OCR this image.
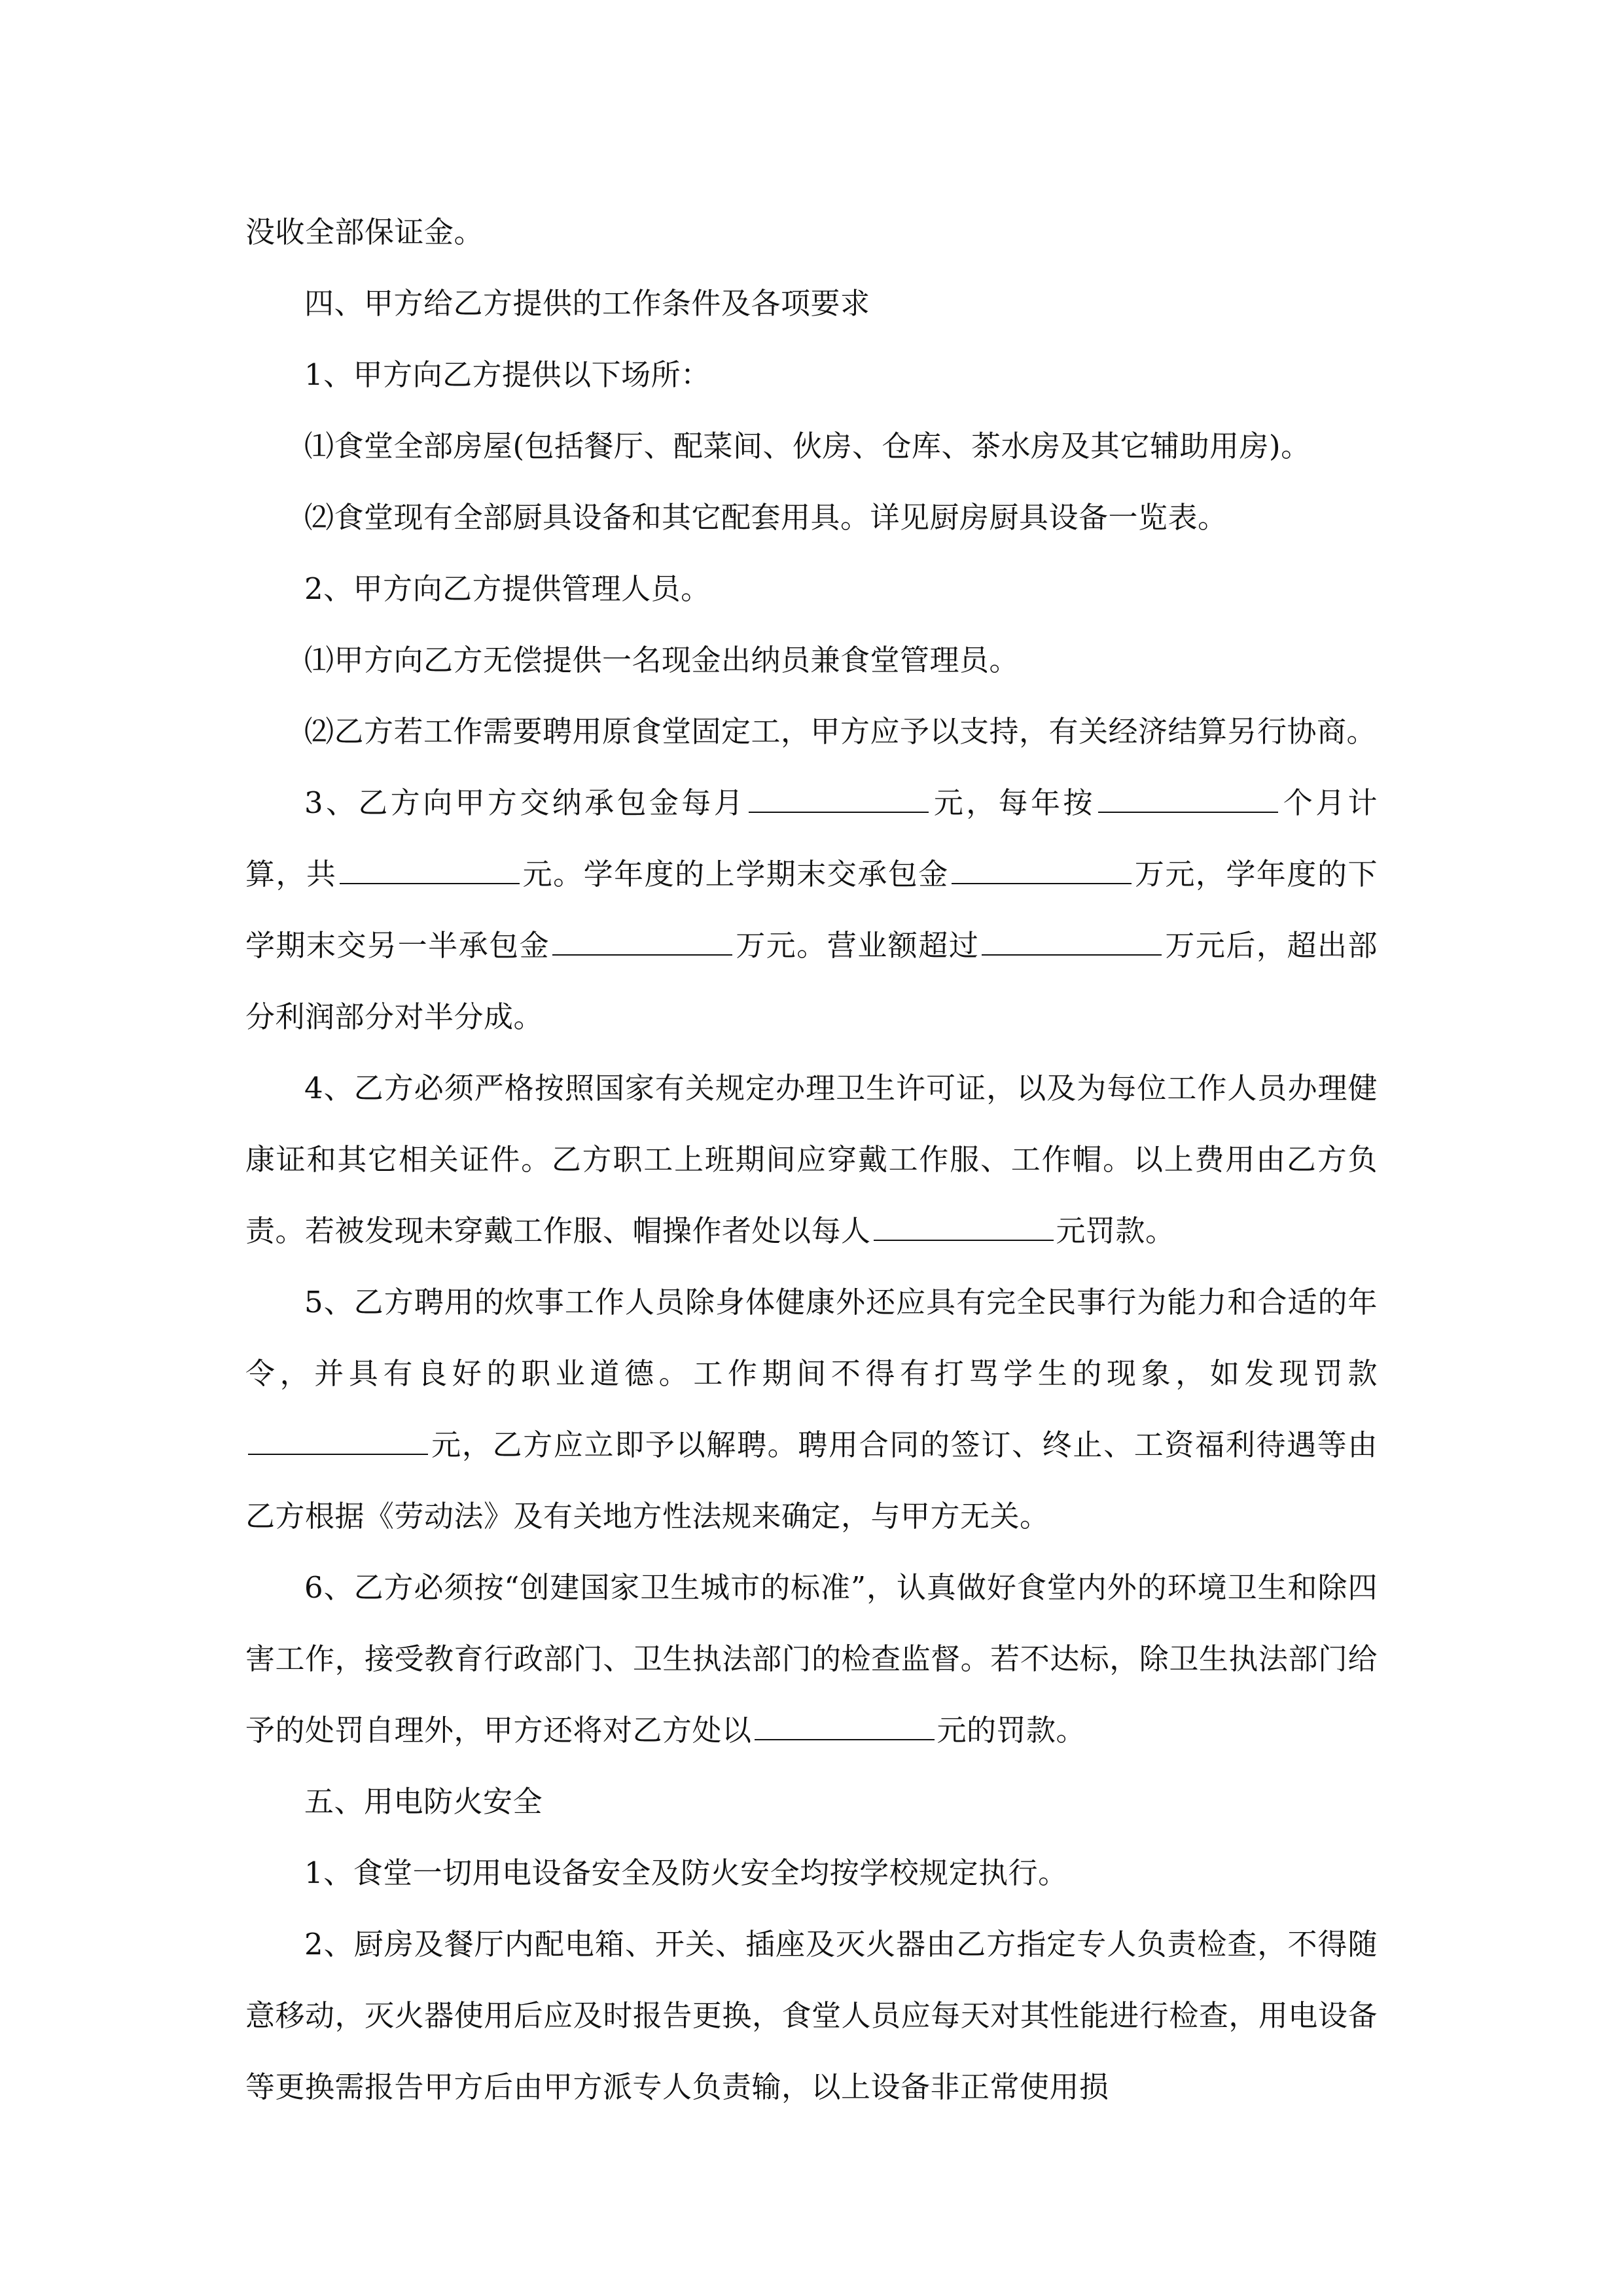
没收全部保证金。

四、甲方给乙方提供的工作条件及各项要求

1、甲方向乙方提供以下场所：

⑴食堂全部房屋(包括餐厅、配菜间、伙房、仓库、茶水房及其它辅助用房)。

⑵食堂现有全部厨具设备和其它配套用具。详见厨房厨具设备一览表。

2、甲方向乙方提供管理人员。

⑴甲方向乙方无偿提供一名现金出纳员兼食堂管理员。

⑵乙方若工作需要聘用原食堂固定工，甲方应予以支持，有关经济结算另行协商。

3、乙方向甲方交纳承包金每月	元，每年按	个月计算，共	元。学年度的上学期末交承包金	万元，学年度的下学期末交另一半承包金	万元。营业额超过	万元后，超出部分利润部分对半分成。

4、乙方必须严格按照国家有关规定办理卫生许可证，以及为每位工作人员办理健康证和其它相关证件。乙方职工上班期间应穿戴工作服、工作帽。以上费用由乙方负责。若被发现未穿戴工作服、帽操作者处以每人	元罚款。

5、乙方聘用的炊事工作人员除身体健康外还应具有完全民事行为能力和合适的年令，并具有良好的职业道德。工作期间不得有打骂学生的现象，如发现罚款元，乙方应立即予以解聘。聘用合同的签订、终止、工资福利待遇等由乙方根据《劳动法》及有关地方性法规来确定，与甲方无关。

6、乙方必须按“创建国家卫生城市的标准”，认真做好食堂内外的环境卫生和除四害工作，接受教育行政部门、卫生执法部门的检查监督。若不达标，除卫生执法部门给予的处罚自理外，甲方还将对乙方处以	元的罚款。

五、用电防火安全

1、食堂一切用电设备安全及防火安全均按学校规定执行。

2、厨房及餐厅内配电箱、开关、插座及灭火器由乙方指定专人负责检查，不得随意移动，灭火器使用后应及时报告更换，食堂人员应每天对其性能进行检查，用电设备等更换需报告甲方后由甲方派专人负责输，以上设备非正常使用损
